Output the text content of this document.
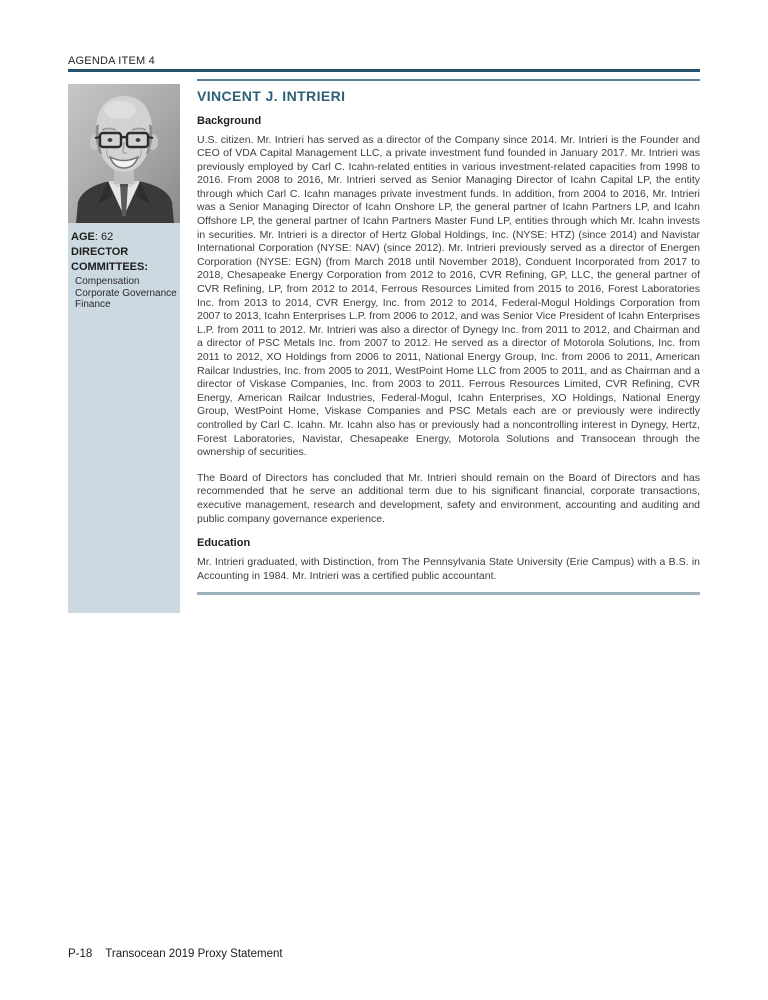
AGENDA ITEM 4
AGE: 62
DIRECTOR
COMMITTEES:
Compensation
Corporate Governance
Finance
VINCENT J. INTRIERI
Background

U.S. citizen. Mr. Intrieri has served as a director of the Company since 2014. Mr. Intrieri is the Founder and CEO of VDA Capital Management LLC, a private investment fund founded in January 2017. Mr. Intrieri was previously employed by Carl C. Icahn-related entities in various investment-related capacities from 1998 to 2016. From 2008 to 2016, Mr. Intrieri served as Senior Managing Director of Icahn Capital LP, the entity through which Carl C. Icahn manages private investment funds. In addition, from 2004 to 2016, Mr. Intrieri was a Senior Managing Director of Icahn Onshore LP, the general partner of Icahn Partners LP, and Icahn Offshore LP, the general partner of Icahn Partners Master Fund LP, entities through which Mr. Icahn invests in securities. Mr. Intrieri is a director of Hertz Global Holdings, Inc. (NYSE: HTZ) (since 2014) and Navistar International Corporation (NYSE: NAV) (since 2012). Mr. Intrieri previously served as a director of Energen Corporation (NYSE: EGN) (from March 2018 until November 2018), Conduent Incorporated from 2017 to 2018, Chesapeake Energy Corporation from 2012 to 2016, CVR Refining, GP, LLC, the general partner of CVR Refining, LP, from 2012 to 2014, Ferrous Resources Limited from 2015 to 2016, Forest Laboratories Inc. from 2013 to 2014, CVR Energy, Inc. from 2012 to 2014, Federal-Mogul Holdings Corporation from 2007 to 2013, Icahn Enterprises L.P. from 2006 to 2012, and was Senior Vice President of Icahn Enterprises L.P. from 2011 to 2012. Mr. Intrieri was also a director of Dynegy Inc. from 2011 to 2012, and Chairman and a director of PSC Metals Inc. from 2007 to 2012. He served as a director of Motorola Solutions, Inc. from 2011 to 2012, XO Holdings from 2006 to 2011, National Energy Group, Inc. from 2006 to 2011, American Railcar Industries, Inc. from 2005 to 2011, WestPoint Home LLC from 2005 to 2011, and as Chairman and a director of Viskase Companies, Inc. from 2003 to 2011. Ferrous Resources Limited, CVR Refining, CVR Energy, American Railcar Industries, Federal-Mogul, Icahn Enterprises, XO Holdings, National Energy Group, WestPoint Home, Viskase Companies and PSC Metals each are or previously were indirectly controlled by Carl C. Icahn. Mr. Icahn also has or previously had a noncontrolling interest in Dynegy, Hertz, Forest Laboratories, Navistar, Chesapeake Energy, Motorola Solutions and Transocean through the ownership of securities.

The Board of Directors has concluded that Mr. Intrieri should remain on the Board of Directors and has recommended that he serve an additional term due to his significant financial, corporate transactions, executive management, research and development, safety and environment, accounting and auditing and public company governance experience.

Education

Mr. Intrieri graduated, with Distinction, from The Pennsylvania State University (Erie Campus) with a B.S. in Accounting in 1984. Mr. Intrieri was a certified public accountant.

P-18 Transocean 2019 Proxy Statement
